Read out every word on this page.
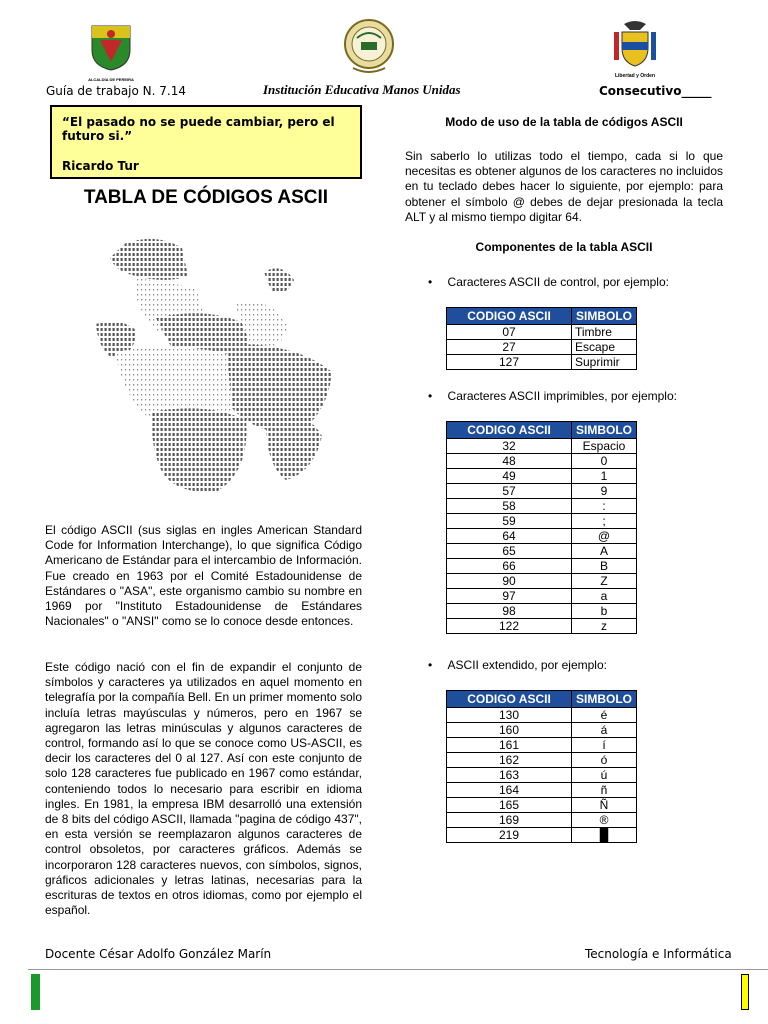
ALCALDÍA DE PEREIRA
Libertad y Orden
Guía de trabajo N. 7.14	Institución Educativa Manos Unidas	Consecutivo_____
“El pasado no se puede cambiar, pero el futuro si.”
Ricardo Tur
TABLA DE CÓDIGOS ASCII
El código ASCII (sus siglas en ingles American Standard Code for Information Interchange), lo que significa Código Americano de Estándar para el intercambio de Información. Fue creado en 1963 por el Comité Estadounidense de Estándares o "ASA", este organismo cambio su nombre en 1969 por "Instituto Estadounidense de Estándares Nacionales" o "ANSI" como se lo conoce desde entonces.
Este código nació con el fin de expandir el conjunto de símbolos y caracteres ya utilizados en aquel momento en telegrafía por la compañía Bell. En un primer momento solo incluía letras mayúsculas y números, pero en 1967 se agregaron las letras minúsculas y algunos caracteres de control, formando así lo que se conoce como US-ASCII, es decir los caracteres del 0 al 127. Así con este conjunto de solo 128 caracteres fue publicado en 1967 como estándar, conteniendo todos lo necesario para escribir en idioma ingles. En 1981, la empresa IBM desarrolló una extensión de 8 bits del código ASCII, llamada "pagina de código 437", en esta versión se reemplazaron algunos caracteres de control obsoletos, por caracteres gráficos. Además se incorporaron 128 caracteres nuevos, con símbolos, signos, gráficos adicionales y letras latinas, necesarias para la escrituras de textos en otros idiomas, como por ejemplo el español.
Modo de uso de la tabla de códigos ASCII
Sin saberlo lo utilizas todo el tiempo, cada si lo que necesitas es obtener algunos de los caracteres no incluidos en tu teclado debes hacer lo siguiente, por ejemplo: para obtener el símbolo @ debes de dejar presionada la tecla ALT y al mismo tiempo digitar 64.
Componentes de la tabla ASCII
• Caracteres ASCII de control, por ejemplo:
CODIGO ASCII	SIMBOLO
07	Timbre
27	Escape
127	Suprimir
• Caracteres ASCII imprimibles, por ejemplo:
CODIGO ASCII	SIMBOLO
32	Espacio
48	0
49	1
57	9
58	:
59	;
64	@
65	A
66	B
90	Z
97	a
98	b
122	z
• ASCII extendido, por ejemplo:
CODIGO ASCII	SIMBOLO
130	é
160	á
161	í
162	ó
163	ú
164	ñ
165	Ñ
169	®
219	█
Docente César Adolfo González Marín	Tecnología e Informática
